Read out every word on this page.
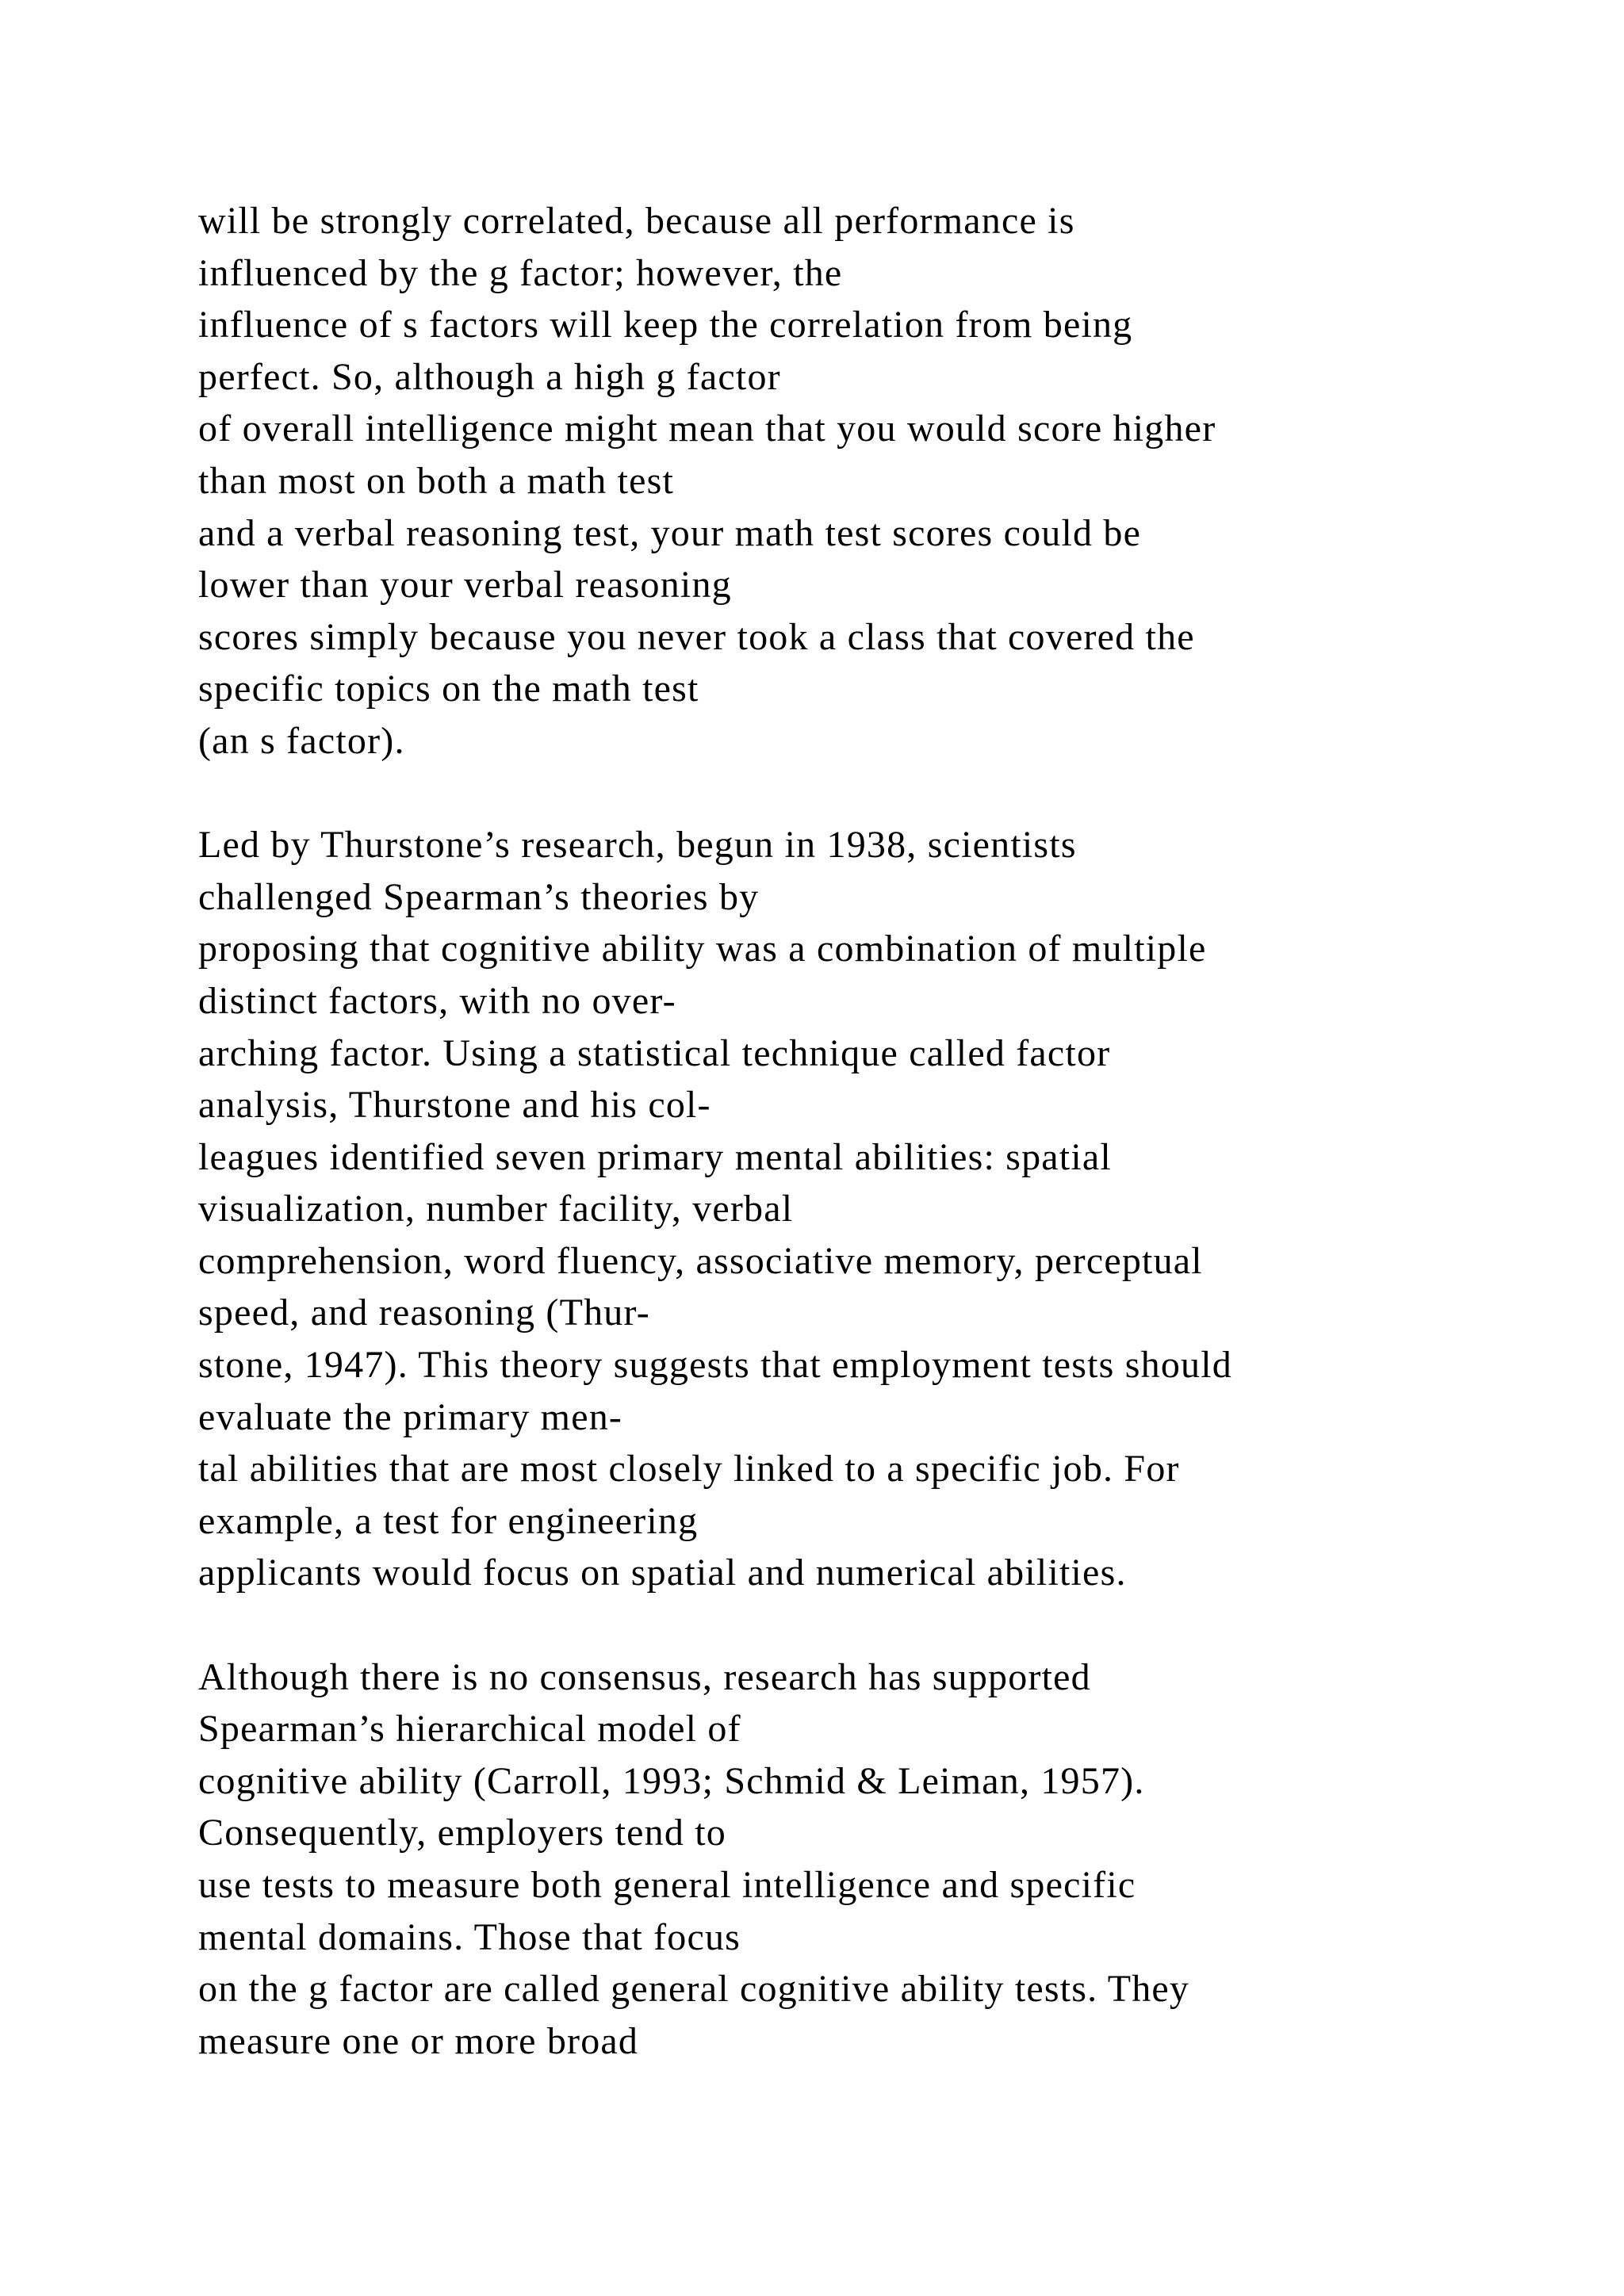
will be strongly correlated, because all performance is
influenced by the g factor; however, the
influence of s factors will keep the correlation from being
perfect. So, although a high g factor
of overall intelligence might mean that you would score higher
than most on both a math test
and a verbal reasoning test, your math test scores could be
lower than your verbal reasoning
scores simply because you never took a class that covered the
specific topics on the math test
(an s factor).
Led by Thurstone’s research, begun in 1938, scientists
challenged Spearman’s theories by
proposing that cognitive ability was a combination of multiple
distinct factors, with no over-
arching factor. Using a statistical technique called factor
analysis, Thurstone and his col-
leagues identified seven primary mental abilities: spatial
visualization, number facility, verbal
comprehension, word fluency, associative memory, perceptual
speed, and reasoning (Thur-
stone, 1947). This theory suggests that employment tests should
evaluate the primary men-
tal abilities that are most closely linked to a specific job. For
example, a test for engineering
applicants would focus on spatial and numerical abilities.
Although there is no consensus, research has supported
Spearman’s hierarchical model of
cognitive ability (Carroll, 1993; Schmid & Leiman, 1957).
Consequently, employers tend to
use tests to measure both general intelligence and specific
mental domains. Those that focus
on the g factor are called general cognitive ability tests. They
measure one or more broad
